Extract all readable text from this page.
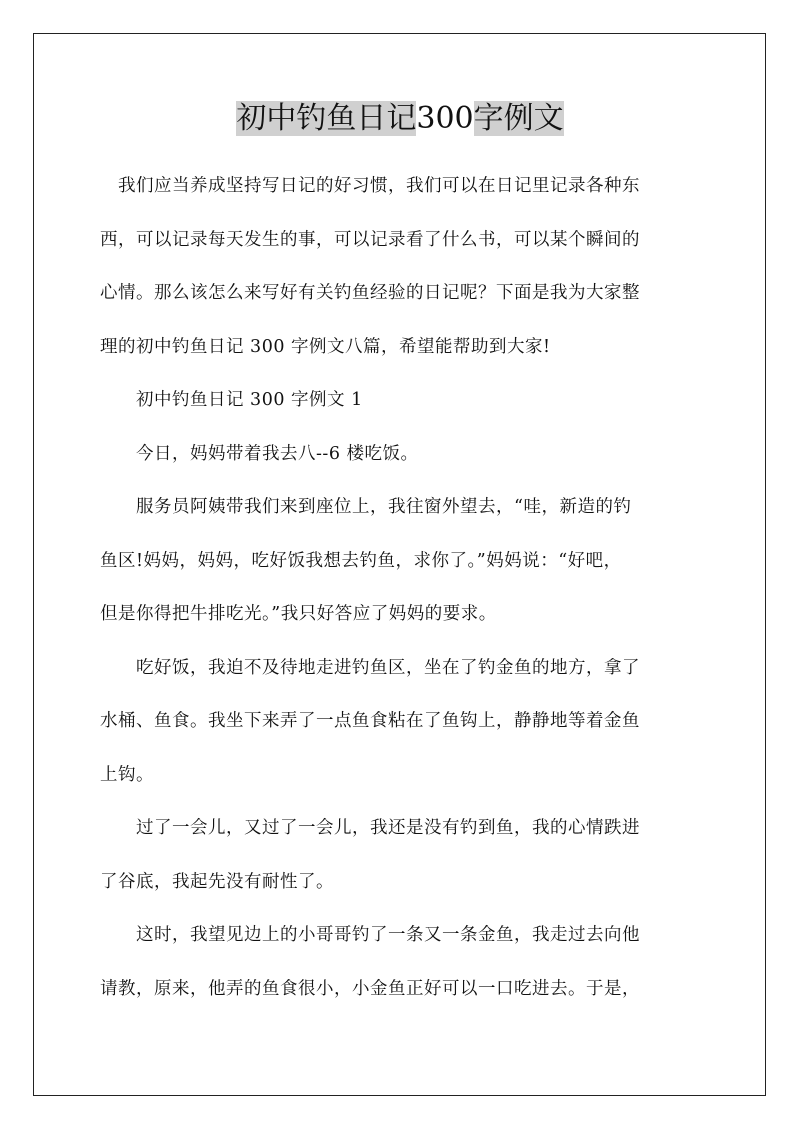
初中钓鱼日记300字例文
我们应当养成坚持写日记的好习惯，我们可以在日记里记录各种东
西，可以记录每天发生的事，可以记录看了什么书，可以某个瞬间的
心情。那么该怎么来写好有关钓鱼经验的日记呢？下面是我为大家整
理的初中钓鱼日记 300 字例文八篇，希望能帮助到大家!
初中钓鱼日记 300 字例文 1
今日，妈妈带着我去八--6 楼吃饭。
服务员阿姨带我们来到座位上，我往窗外望去，“哇，新造的钓
鱼区!妈妈，妈妈，吃好饭我想去钓鱼，求你了。”妈妈说：“好吧，
但是你得把牛排吃光。”我只好答应了妈妈的要求。
吃好饭，我迫不及待地走进钓鱼区，坐在了钓金鱼的地方，拿了
水桶、鱼食。我坐下来弄了一点鱼食粘在了鱼钩上，静静地等着金鱼
上钩。
过了一会儿，又过了一会儿，我还是没有钓到鱼，我的心情跌进
了谷底，我起先没有耐性了。
这时，我望见边上的小哥哥钓了一条又一条金鱼，我走过去向他
请教，原来，他弄的鱼食很小，小金鱼正好可以一口吃进去。于是，
